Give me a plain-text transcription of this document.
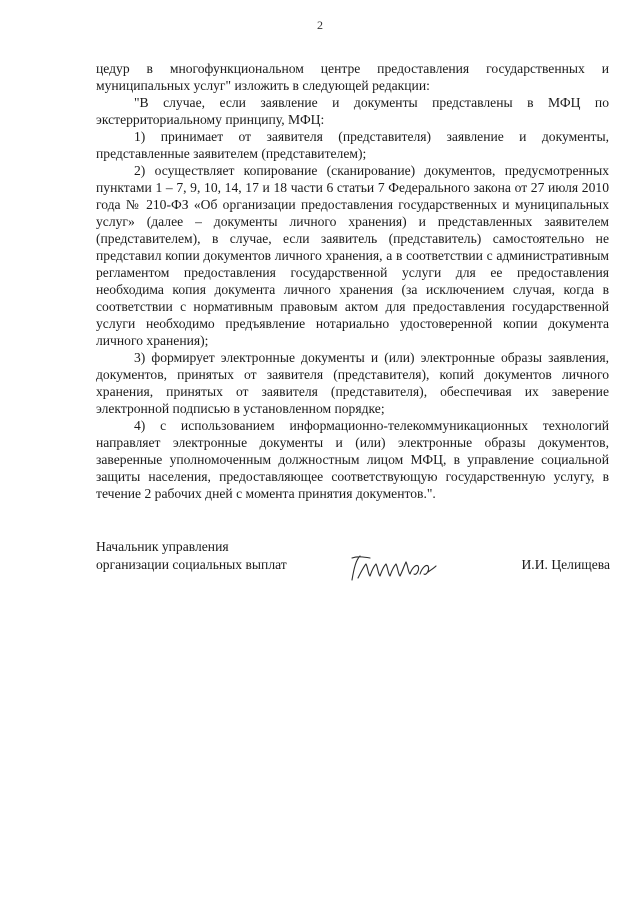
2

цедур в многофункциональном центре предоставления государственных и муниципальных услуг" изложить в следующей редакции:

"В случае, если заявление и документы представлены в МФЦ по экстерриториальному принципу, МФЦ:

1) принимает от заявителя (представителя) заявление и документы, представленные заявителем (представителем);

2) осуществляет копирование (сканирование) документов, предусмотренных пунктами 1 – 7, 9, 10, 14, 17 и 18 части 6 статьи 7 Федерального закона от 27 июля 2010 года № 210-ФЗ «Об организации предоставления государственных и муниципальных услуг» (далее – документы личного хранения) и представленных заявителем (представителем), в случае, если заявитель (представитель) самостоятельно не представил копии документов личного хранения, а в соответствии с административным регламентом предоставления государственной услуги для ее предоставления необходима копия документа личного хранения (за исключением случая, когда в соответствии с нормативным правовым актом для предоставления государственной услуги необходимо предъявление нотариально удостоверенной копии документа личного хранения);

3) формирует электронные документы и (или) электронные образы заявления, документов, принятых от заявителя (представителя), копий документов личного хранения, принятых от заявителя (представителя), обеспечивая их заверение электронной подписью в установленном порядке;

4) с использованием информационно-телекоммуникационных технологий направляет электронные документы и (или) электронные образы документов, заверенные уполномоченным должностным лицом МФЦ, в управление социальной защиты населения, предоставляющее соответствующую государственную услугу, в течение 2 рабочих дней с момента принятия документов.".

Начальник управления
организации социальных выплат	И.И. Целищева
